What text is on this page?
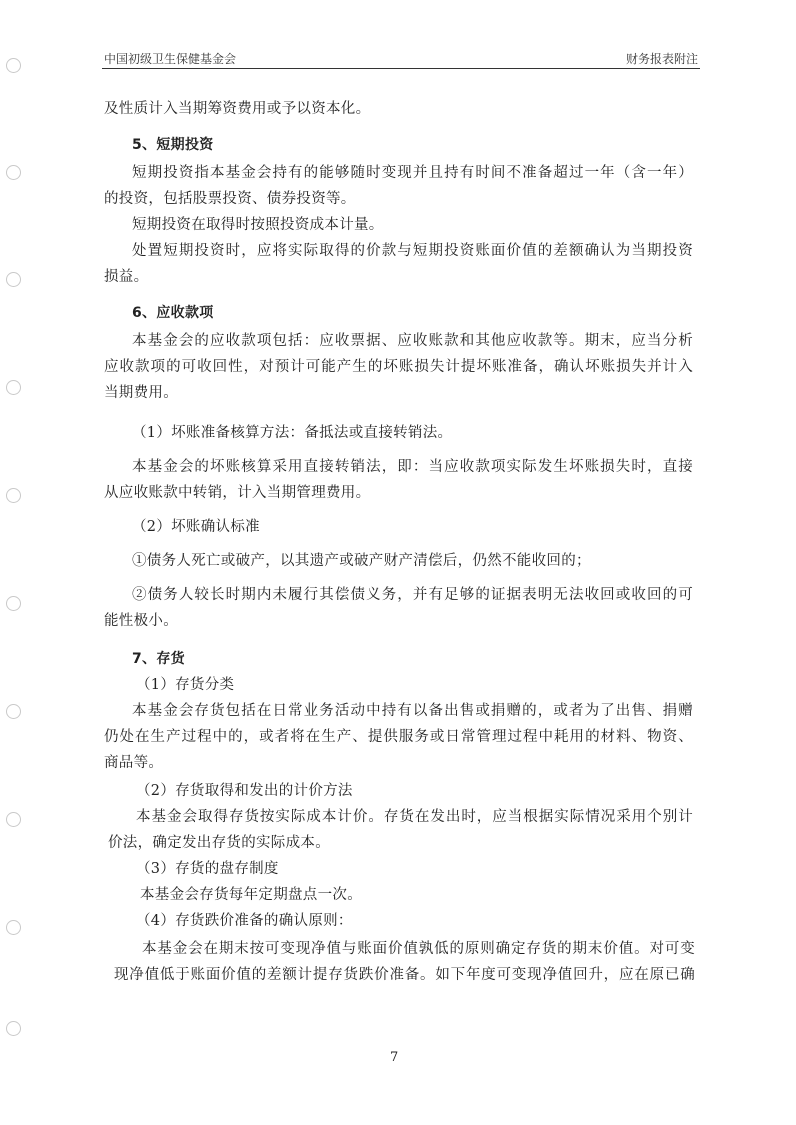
中国初级卫生保健基金会	财务报表附注
及性质计入当期筹资费用或予以资本化。
5、短期投资
短期投资指本基金会持有的能够随时变现并且持有时间不准备超过一年（含一年）
的投资，包括股票投资、债券投资等。
短期投资在取得时按照投资成本计量。
处置短期投资时，应将实际取得的价款与短期投资账面价值的差额确认为当期投资
损益。
6、应收款项
本基金会的应收款项包括：应收票据、应收账款和其他应收款等。期末，应当分析
应收款项的可收回性，对预计可能产生的坏账损失计提坏账准备，确认坏账损失并计入
当期费用。
（1）坏账准备核算方法：备抵法或直接转销法。
本基金会的坏账核算采用直接转销法，即：当应收款项实际发生坏账损失时，直接
从应收账款中转销，计入当期管理费用。
（2）坏账确认标准
①债务人死亡或破产，以其遗产或破产财产清偿后，仍然不能收回的；
②债务人较长时期内未履行其偿债义务，并有足够的证据表明无法收回或收回的可
能性极小。
7、存货
（1）存货分类
本基金会存货包括在日常业务活动中持有以备出售或捐赠的，或者为了出售、捐赠
仍处在生产过程中的，或者将在生产、提供服务或日常管理过程中耗用的材料、物资、
商品等。
（2）存货取得和发出的计价方法
本基金会取得存货按实际成本计价。存货在发出时，应当根据实际情况采用个别计
价法，确定发出存货的实际成本。
（3）存货的盘存制度
本基金会存货每年定期盘点一次。
（4）存货跌价准备的确认原则：
本基金会在期末按可变现净值与账面价值孰低的原则确定存货的期末价值。对可变
现净值低于账面价值的差额计提存货跌价准备。如下年度可变现净值回升，应在原已确
7
